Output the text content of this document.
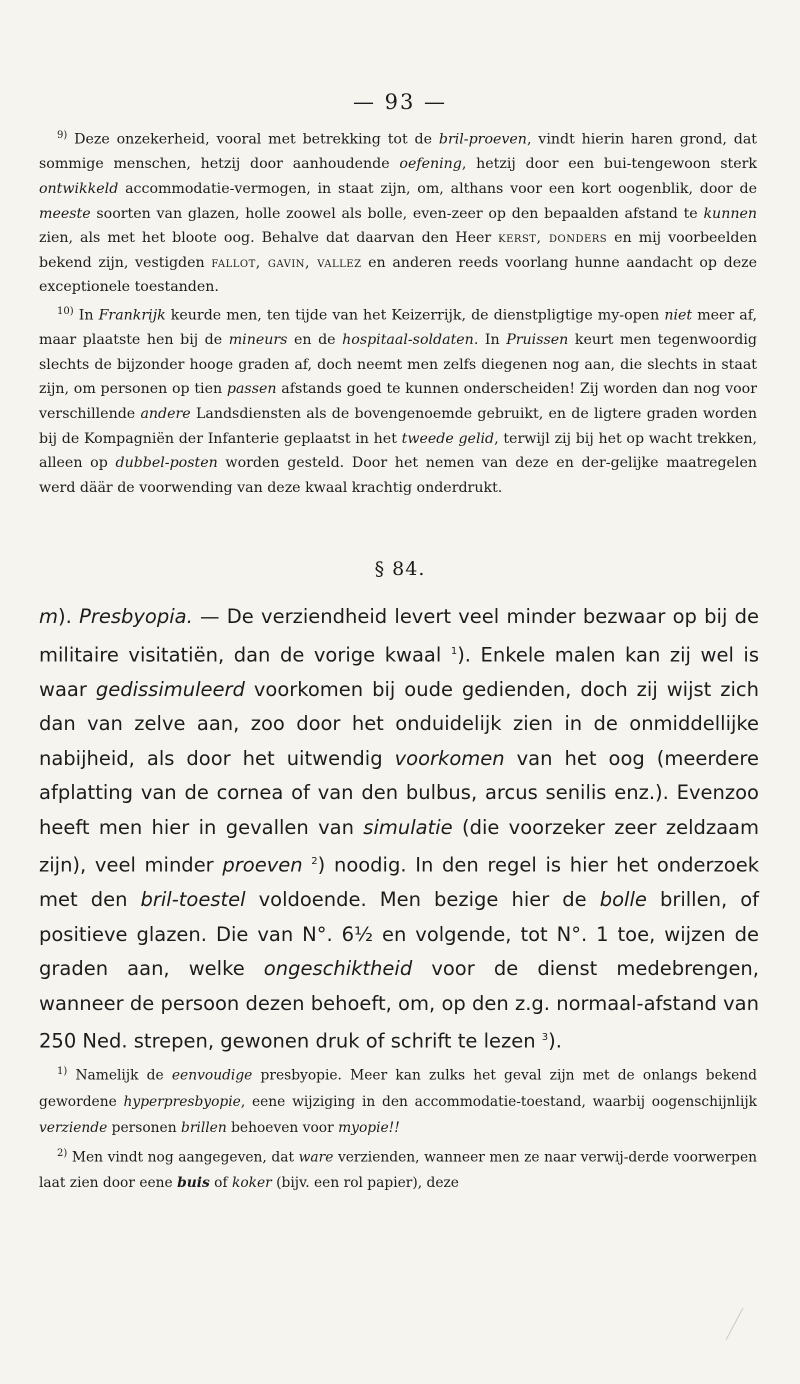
— 93 —

$^{9)}$ Deze onzekerheid, vooral met betrekking tot de bril-proeven, vindt hierin haren grond, dat sommige menschen, hetzij door aanhoudende oefening, hetzij door een bui-tengewoon sterk ontwikkeld accommodatie-vermogen, in staat zijn, om, althans voor een kort oogenblik, door de meeste soorten van glazen, holle zoowel als bolle, even-zeer op den bepaalden afstand te kunnen zien, als met het bloote oog. Behalve dat daarvan den Heer kerst, donders en mij voorbeelden bekend zijn, vestigden fallot, gavin, vallez en anderen reeds voorlang hunne aandacht op deze exceptionele toestanden.

$^{10)}$ In Frankrijk keurde men, ten tijde van het Keizerrijk, de dienstpligtige my-open niet meer af, maar plaatste hen bij de mineurs en de hospitaal-soldaten. In Pruissen keurt men tegenwoordig slechts de bijzonder hooge graden af, doch neemt men zelfs diegenen nog aan, die slechts in staat zijn, om personen op tien passen afstands goed te kunnen onderscheiden! Zij worden dan nog voor verschillende andere Landsdiensten als de bovengenoemde gebruikt, en de ligtere graden worden bij de Kompagniën der Infanterie geplaatst in het tweede gelid, terwijl zij bij het op wacht trekken, alleen op dubbel-posten worden gesteld. Door het nemen van deze en der-gelijke maatregelen werd däär de voorwending van deze kwaal krachtig onderdrukt.

§ 84.

m). Presbyopia. — De verziendheid levert veel minder bezwaar op bij de militaire visitatiën, dan de vorige kwaal $^1$). Enkele malen kan zij wel is waar gedissimuleerd voorkomen bij oude gedienden, doch zij wijst zich dan van zelve aan, zoo door het onduidelijk zien in de onmiddellijke nabijheid, als door het uitwendig voorkomen van het oog (meerdere afplatting van de cornea of van den bulbus, arcus senilis enz.). Evenzoo heeft men hier in gevallen van simulatie (die voorzeker zeer zeldzaam zijn), veel minder proeven $^2$) noodig. In den regel is hier het onderzoek met den bril-toestel voldoende. Men bezige hier de bolle brillen, of positieve glazen. Die van N°. 6½ en volgende, tot N°. 1 toe, wijzen de graden aan, welke ongeschiktheid voor de dienst medebrengen, wanneer de persoon dezen behoeft, om, op den z.g. normaal-afstand van 250 Ned. strepen, gewonen druk of schrift te lezen $^3$).

$^{1)}$ Namelijk de eenvoudige presbyopie. Meer kan zulks het geval zijn met de onlangs bekend gewordene hyperpresbyopie, eene wijziging in den accommodatie-toestand, waarbij oogenschijnlijk verziende personen brillen behoeven voor myopie!!

$^{2)}$ Men vindt nog aangegeven, dat ware verzienden, wanneer men ze naar verwij-derde voorwerpen laat zien door eene buis of koker (bijv. een rol papier), deze
